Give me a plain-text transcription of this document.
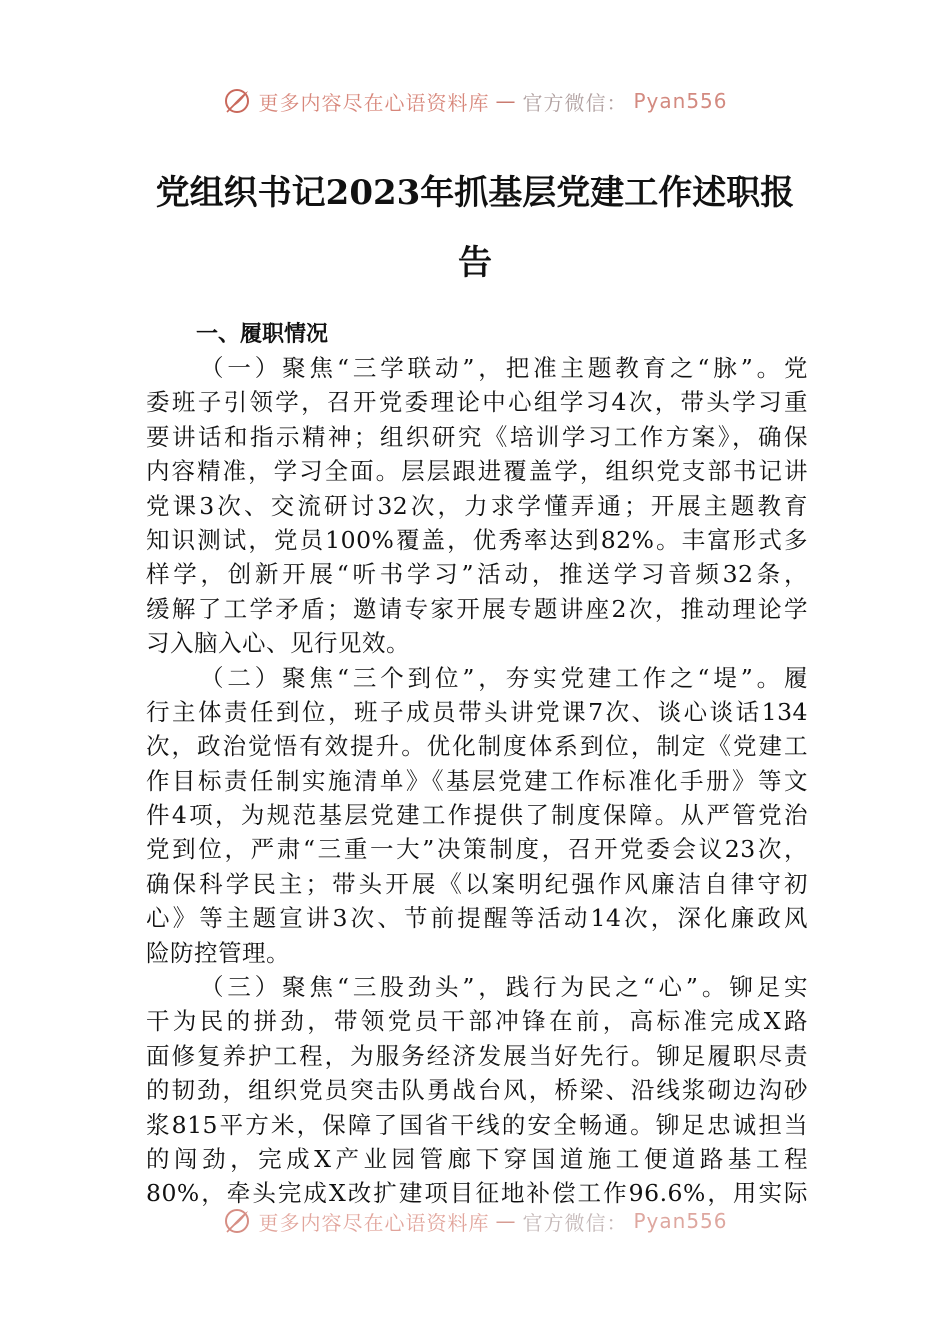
更多内容尽在心语资料库 — 官方微信： Pyan556
党组织书记2023年抓基层党建工作述职报
告
一、履职情况
（一）聚焦“三学联动”，把准主题教育之“脉”。党
委班子引领学，召开党委理论中心组学习4次，带头学习重
要讲话和指示精神；组织研究《培训学习工作方案》，确保
内容精准，学习全面。层层跟进覆盖学，组织党支部书记讲
党课3次、交流研讨32次，力求学懂弄通；开展主题教育
知识测试，党员100%覆盖，优秀率达到82%。丰富形式多
样学，创新开展“听书学习”活动，推送学习音频32条，
缓解了工学矛盾；邀请专家开展专题讲座2次，推动理论学
习入脑入心、见行见效。
（二）聚焦“三个到位”，夯实党建工作之“堤”。履
行主体责任到位，班子成员带头讲党课7次、谈心谈话134
次，政治觉悟有效提升。优化制度体系到位，制定《党建工
作目标责任制实施清单》《基层党建工作标准化手册》等文
件4项，为规范基层党建工作提供了制度保障。从严管党治
党到位，严肃“三重一大”决策制度，召开党委会议23次，
确保科学民主；带头开展《以案明纪强作风廉洁自律守初
心》等主题宣讲3次、节前提醒等活动14次，深化廉政风
险防控管理。
（三）聚焦“三股劲头”，践行为民之“心”。铆足实
干为民的拼劲，带领党员干部冲锋在前，高标准完成X路
面修复养护工程，为服务经济发展当好先行。铆足履职尽责
的韧劲，组织党员突击队勇战台风，桥梁、沿线浆砌边沟砂
浆815平方米，保障了国省干线的安全畅通。铆足忠诚担当
的闯劲，完成X产业园管廊下穿国道施工便道路基工程
80%，牵头完成X改扩建项目征地补偿工作96.6%，用实际
更多内容尽在心语资料库 — 官方微信： Pyan556
